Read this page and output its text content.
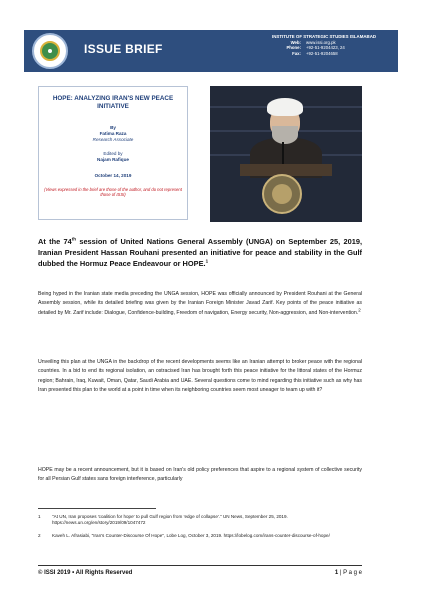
ISSUE BRIEF
INSTITUTE OF STRATEGIC STUDIES ISLAMABAD
Web:	www.issi.org.pk
Phone:	+92-51-9204423, 24
Fax:	+92-51-9204658
HOPE: ANALYZING IRAN'S NEW PEACE INITIATIVE
By
Fatima Raza
Research Associate
Edited by
Najam Rafique
October 14, 2019
(Views expressed in the brief are those of the author, and do not represent those of ISSI)
At the 74th session of United Nations General Assembly (UNGA) on September 25, 2019, Iranian President Hassan Rouhani presented an initiative for peace and stability in the Gulf dubbed the Hormuz Peace Endeavour or HOPE.$^1$
Being hyped in the Iranian state media preceding the UNGA session, HOPE was officially announced by President Rouhani at the General Assembly session, while its detailed briefing was given by the Iranian Foreign Minister Javad Zarif. Key points of the peace initiative as detailed by Mr. Zarif include: Dialogue, Confidence-building, Freedom of navigation, Energy security, Non-aggression, and Non-intervention.$^2$
Unveiling this plan at the UNGA in the backdrop of the recent developments seems like an Iranian attempt to broker peace with the regional countries. In a bid to end its regional isolation, an ostracised Iran has brought forth this peace initiative for the littoral states of the Hormuz region; Bahrain, Iraq, Kuwait, Oman, Qatar, Saudi Arabia and UAE. Several questions come to mind regarding this initiative such as why has Iran presented this plan to the world at a point in time when its neighboring countries seem most uneager to team up with it?
HOPE may be a recent announcement, but it is based on Iran's old policy preferences that aspire to a regional system of collective security for all Persian Gulf states sans foreign interference, particularly
1	"At UN, Iran proposes 'coalition for hope' to pull Gulf region from 'edge of collapse'." UN News, September 25, 2019. https://news.un.org/en/story/2019/09/1047472
2	Kaveh L. Afrasiabi, "Iran's Counter-Discourse Of Hope", Lobe Log, October 3, 2019. https://lobelog.com/irans-counter-discourse-of-hope/
© ISSI 2019 • All Rights Reserved	1 | P a g e
